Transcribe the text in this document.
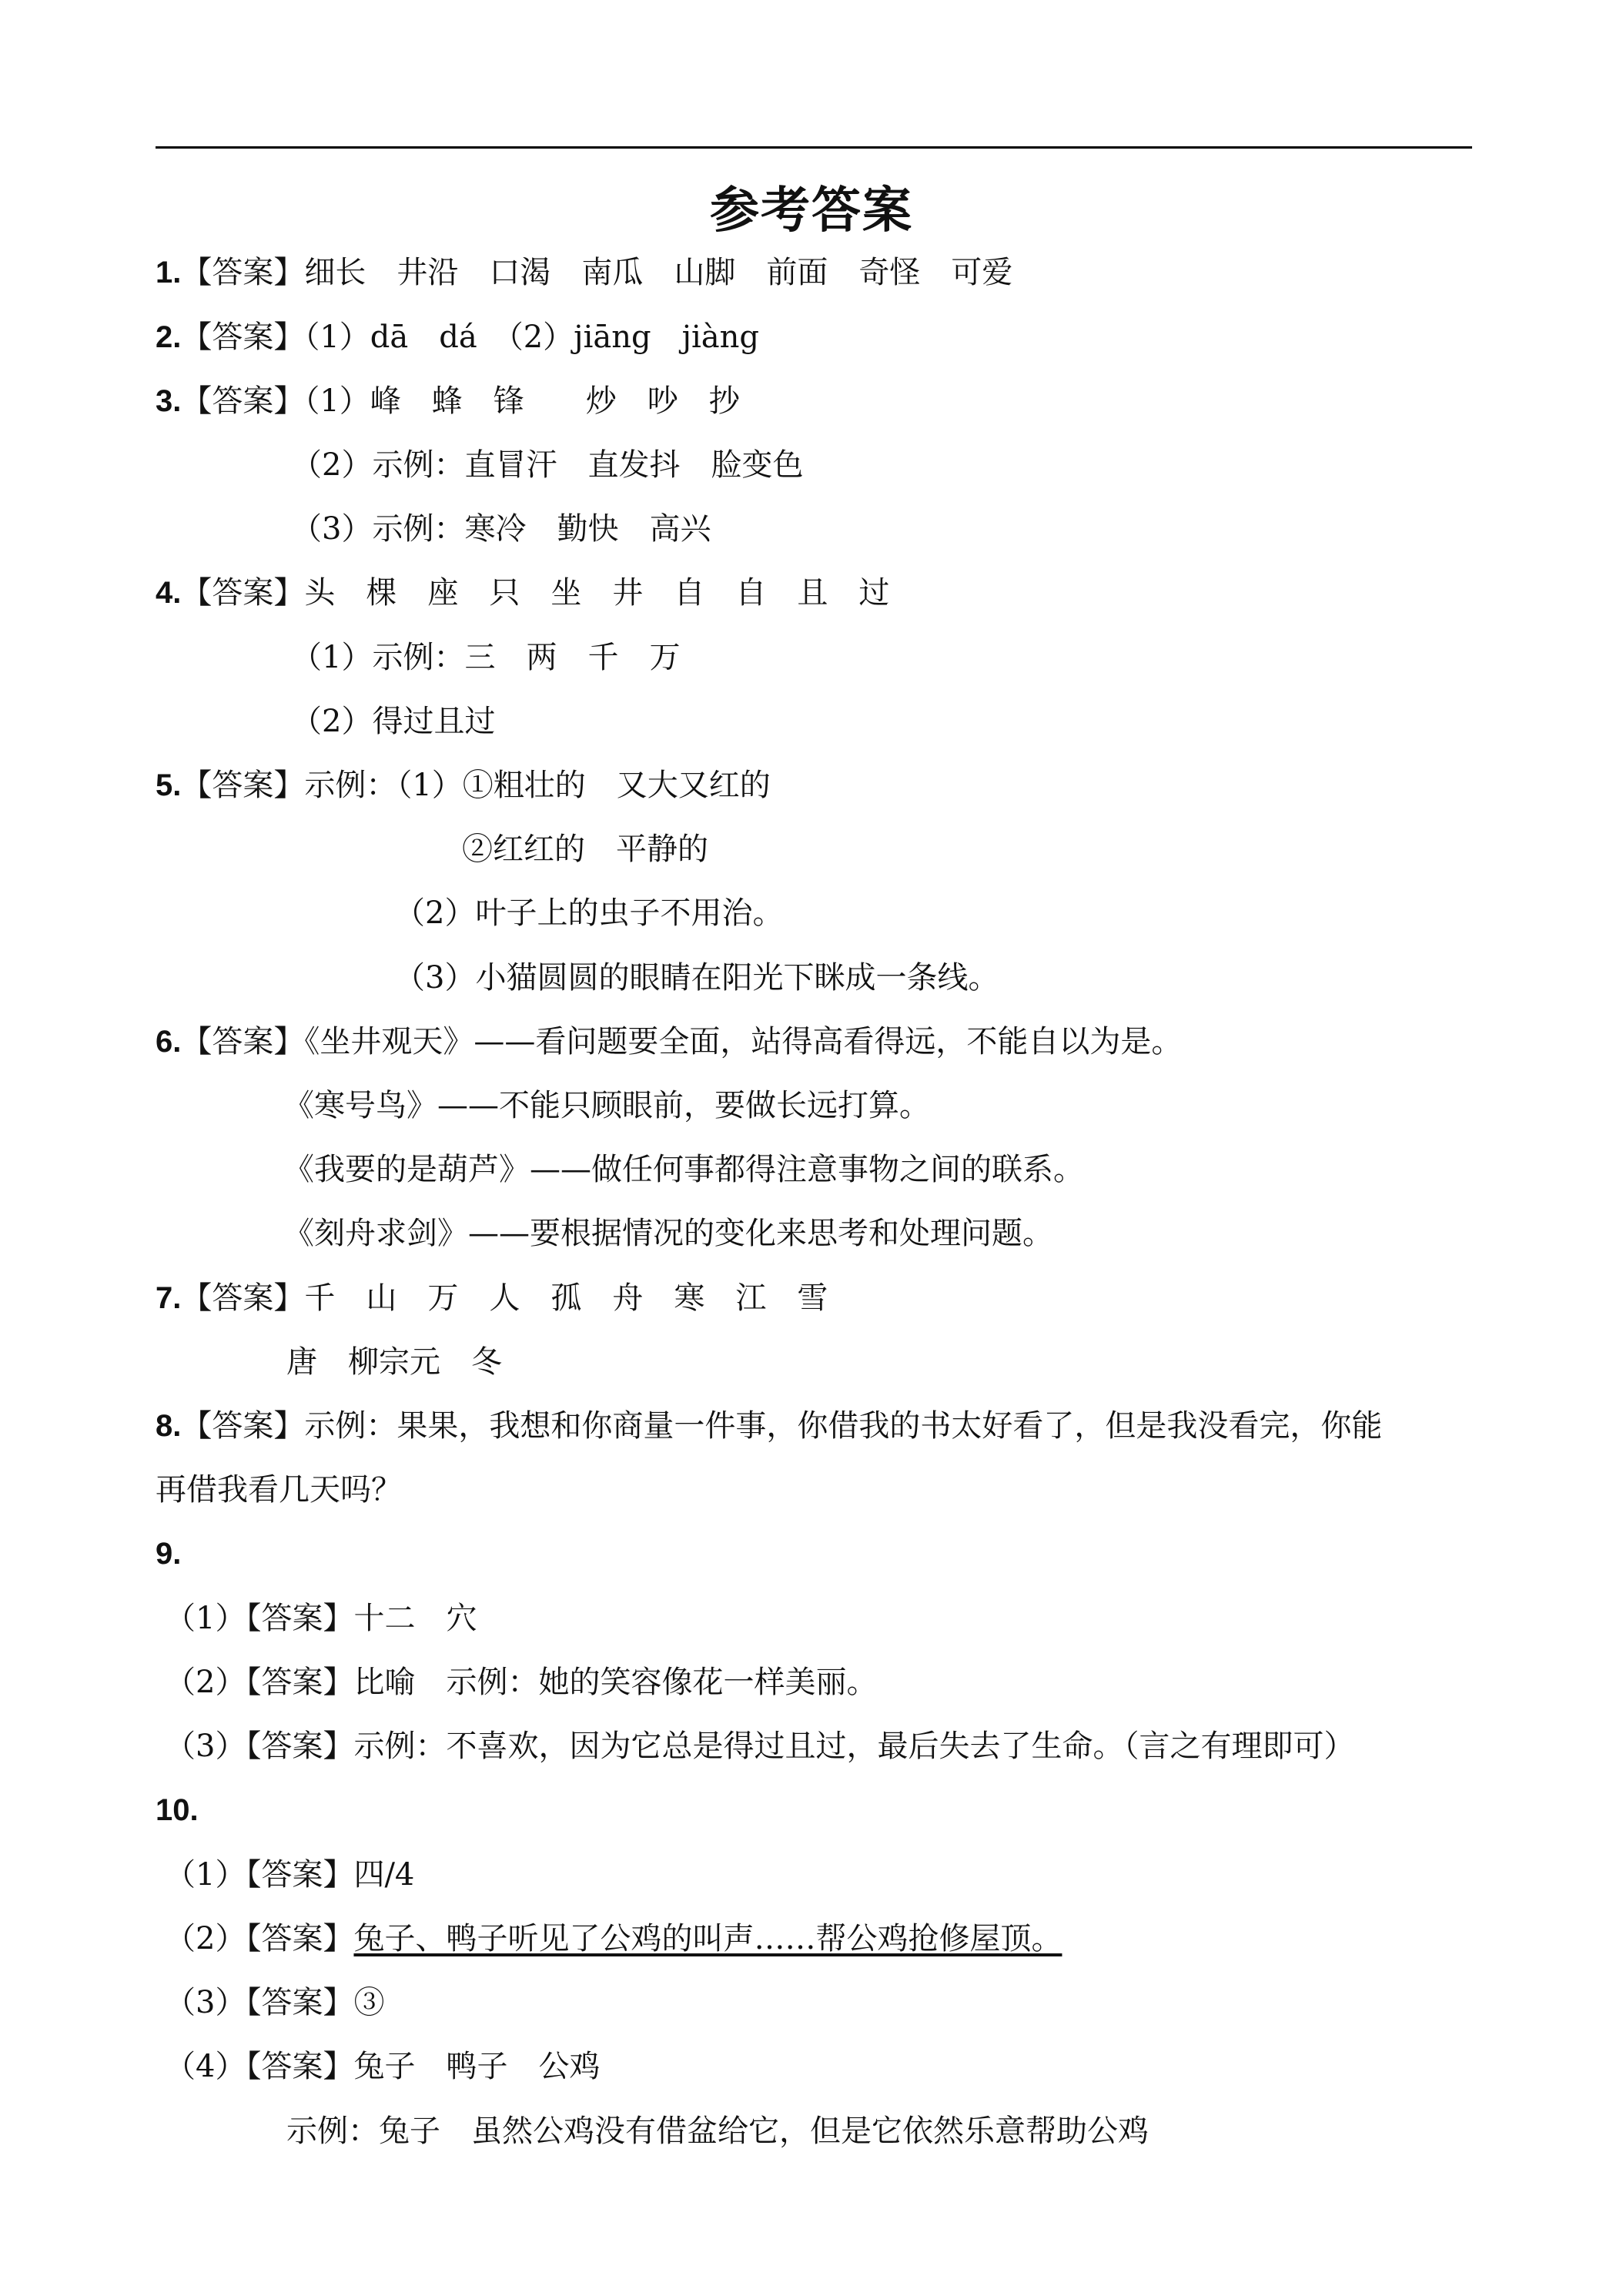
参考答案
1.【答案】细长　井沿　口渴　南瓜　山脚　前面　奇怪　可爱
2.【答案】（1）dā　dá　（2）jiāng　jiàng
3.【答案】（1）峰　蜂　锋　　炒　吵　抄
（2）示例：直冒汗　直发抖　脸变色
（3）示例：寒冷　勤快　高兴
4.【答案】头　棵　座　只　坐　井　自　自　且　过
（1）示例：三　两　千　万
（2）得过且过
5.【答案】示例：（1）①粗壮的　又大又红的
②红红的　平静的
（2）叶子上的虫子不用治。
（3）小猫圆圆的眼睛在阳光下眯成一条线。
6.【答案】《坐井观天》——看问题要全面，站得高看得远，不能自以为是。
《寒号鸟》——不能只顾眼前，要做长远打算。
《我要的是葫芦》——做任何事都得注意事物之间的联系。
《刻舟求剑》——要根据情况的变化来思考和处理问题。
7.【答案】千　山　万　人　孤　舟　寒　江　雪
唐　柳宗元　冬
8.【答案】示例：果果，我想和你商量一件事，你借我的书太好看了，但是我没看完，你能
再借我看几天吗？
9.
（1）【答案】十二　穴
（2）【答案】比喻　示例：她的笑容像花一样美丽。
（3）【答案】示例：不喜欢，因为它总是得过且过，最后失去了生命。（言之有理即可）
10.
（1）【答案】四/4
（2）【答案】兔子、鸭子听见了公鸡的叫声……帮公鸡抢修屋顶。
（3）【答案】③
（4）【答案】兔子　鸭子　公鸡
示例：兔子　虽然公鸡没有借盆给它，但是它依然乐意帮助公鸡
